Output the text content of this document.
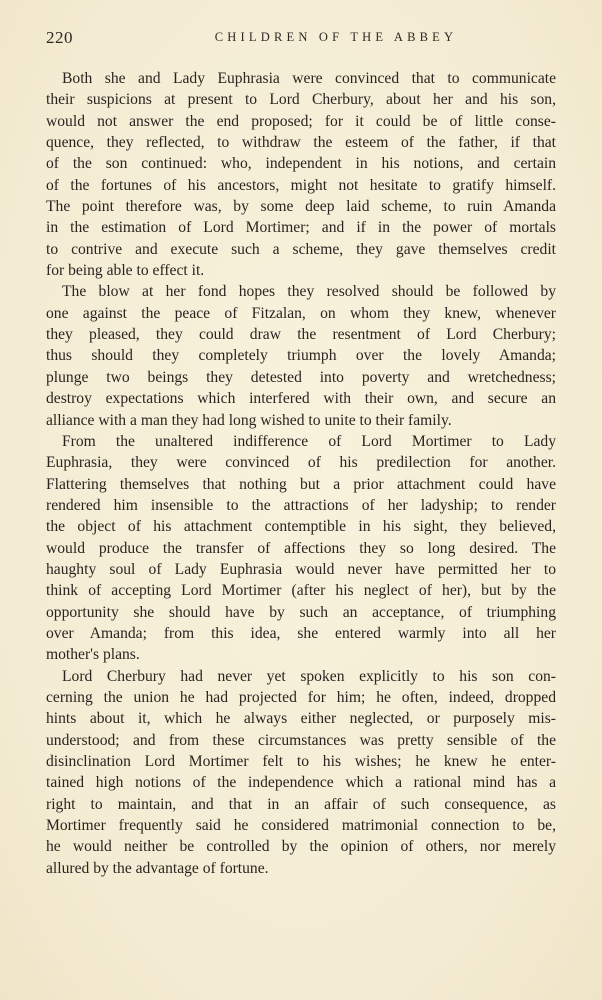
220	CHILDREN OF THE ABBEY
Both she and Lady Euphrasia were convinced that to communicate
their suspicions at present to Lord Cherbury, about her and his son,
would not answer the end proposed; for it could be of little conse-
quence, they reflected, to withdraw the esteem of the father, if that
of the son continued: who, independent in his notions, and certain
of the fortunes of his ancestors, might not hesitate to gratify himself.
The point therefore was, by some deep laid scheme, to ruin Amanda
in the estimation of Lord Mortimer; and if in the power of mortals
to contrive and execute such a scheme, they gave themselves credit
for being able to effect it.
The blow at her fond hopes they resolved should be followed by
one against the peace of Fitzalan, on whom they knew, whenever
they pleased, they could draw the resentment of Lord Cherbury;
thus should they completely triumph over the lovely Amanda;
plunge two beings they detested into poverty and wretchedness;
destroy expectations which interfered with their own, and secure an
alliance with a man they had long wished to unite to their family.
From the unaltered indifference of Lord Mortimer to Lady
Euphrasia, they were convinced of his predilection for another.
Flattering themselves that nothing but a prior attachment could have
rendered him insensible to the attractions of her ladyship; to render
the object of his attachment contemptible in his sight, they believed,
would produce the transfer of affections they so long desired. The
haughty soul of Lady Euphrasia would never have permitted her to
think of accepting Lord Mortimer (after his neglect of her), but by the
opportunity she should have by such an acceptance, of triumphing
over Amanda; from this idea, she entered warmly into all her
mother's plans.
Lord Cherbury had never yet spoken explicitly to his son con-
cerning the union he had projected for him; he often, indeed, dropped
hints about it, which he always either neglected, or purposely mis-
understood; and from these circumstances was pretty sensible of the
disinclination Lord Mortimer felt to his wishes; he knew he enter-
tained high notions of the independence which a rational mind has a
right to maintain, and that in an affair of such consequence, as
Mortimer frequently said he considered matrimonial connection to be,
he would neither be controlled by the opinion of others, nor merely
allured by the advantage of fortune.
